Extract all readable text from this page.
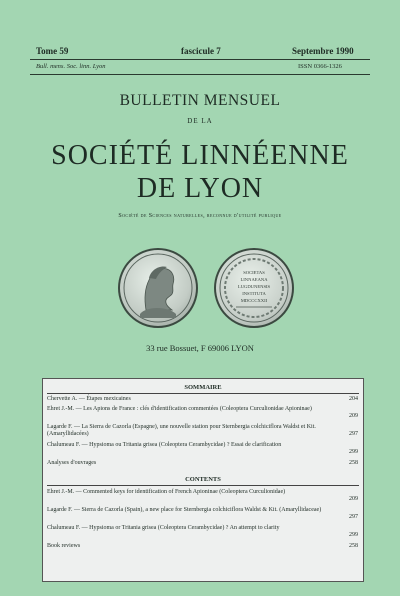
Tome 59	fascicule 7	Septembre 1990
Bull. mens. Soc. linn. Lyon	ISSN 0366-1326
BULLETIN MENSUEL
DE LA
SOCIÉTÉ LINNÉENNE
DE LYON
Société de Sciences naturelles, reconnue d'utilité publique
SOCIETAS
LINNAEANA
LUGDUNENSIS
INSTITUTA
MDCCCXXII
33 rue Bossuet, F 69006 LYON
SOMMAIRE
Chervette A. — Étapes mexicaines	204
Ehret J.-M. — Les Apions de France : clés d'identification commentées (Coleoptera Curculionidae Apioninae)
209
Lagarde F. — La Sierra de Cazorla (Espagne), une nouvelle station pour Sternbergia colchiciflora Waldst et Kit. (Amaryllidacées)	297
Chalumeau F. — Hypsioma ou Tritania grisea (Coleoptera Cerambycidae) ? Essai de clarification
299
Analyses d'ouvrages	258
CONTENTS
Ehret J.-M. — Commented keys for identification of French Apioninae (Coleoptera Curculionidae)
209
Lagarde F. — Sierra de Cazorla (Spain), a new place for Sternbergia colchiciflora Waldst & Kit. (Amaryllidaceae)
297
Chalumeau F. — Hypsioma or Tritania grisea (Coleoptera Cerambycidae) ? An attempt to clarity
299
Book reviews	258
